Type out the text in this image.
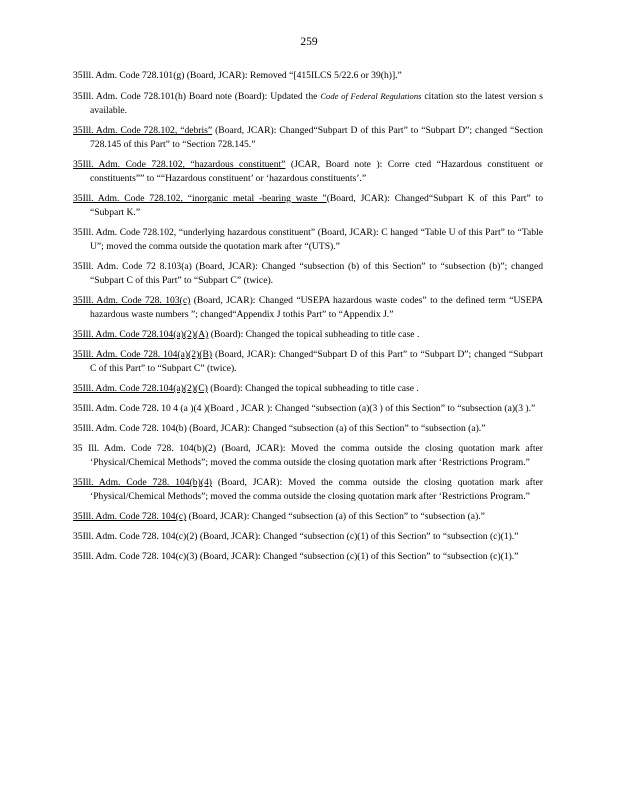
259
35Ill. Adm. Code 728.101(g) (Board, JCAR): Removed “[415ILCS 5/22.6 or 39(h)].”
35Ill. Adm. Code 728.101(h) Board note (Board): Updated the Code of Federal Regulations citation sto the latest version s available.
35Ill. Adm. Code 728.102, “debris” (Board, JCAR): Changed“Subpart D of this Part” to “Subpart D”; changed “Section 728.145 of this Part” to “Section 728.145.”
35Ill. Adm. Code 728.102, “hazardous constituent” (JCAR, Board note ): Corre cted “Hazardous constituent or constituents”” to ““Hazardous constituent’ or ‘hazardous constituents’.”
35Ill. Adm. Code 728.102, “inorganic metal -bearing waste ”(Board, JCAR): Changed“Subpart K of this Part” to “Subpart K.”
35Ill. Adm. Code 728.102, “underlying hazardous constituent” (Board, JCAR): C hanged “Table U of this Part” to “Table U”; moved the comma outside the quotation mark after “(UTS).”
35Ill. Adm. Code 72 8.103(a) (Board, JCAR): Changed “subsection (b) of this Section” to “subsection (b)”; changed “Subpart C of this Part” to “Subpart C” (twice).
35Ill. Adm. Code 728. 103(c) (Board, JCAR): Changed “USEPA hazardous waste codes” to the defined term “USEPA hazardous waste numbers ”; changed“Appendix J tothis Part” to “Appendix J.”
35Ill. Adm. Code 728.104(a)(2)(A) (Board): Changed the topical subheading to title case .
35Ill. Adm. Code 728. 104(a)(2)(B) (Board, JCAR): Changed“Subpart D of this Part” to “Subpart D”; changed “Subpart C of this Part” to “Subpart C” (twice).
35Ill. Adm. Code 728.104(a)(2)(C) (Board): Changed the topical subheading to title case .
35Ill. Adm. Code 728. 10 4 (a )(4 )(Board , JCAR ): Changed “subsection (a)(3 ) of this Section” to “subsection (a)(3 ).”
35Ill. Adm. Code 728. 104(b) (Board, JCAR): Changed “subsection (a) of this Section” to “subsection (a).”
35 Ill. Adm. Code 728. 104(b)(2) (Board, JCAR): Moved the comma outside the closing quotation mark after ‘Physical/Chemical Methods”; moved the comma outside the closing quotation mark after ‘Restrictions Program.”
35Ill. Adm. Code 728. 104(b)(4) (Board, JCAR): Moved the comma outside the closing quotation mark after ‘Physical/Chemical Methods”; moved the comma outside the closing quotation mark after ‘Restrictions Program.”
35Ill. Adm. Code 728. 104(c) (Board, JCAR): Changed “subsection (a) of this Section” to “subsection (a).”
35Ill. Adm. Code 728. 104(c)(2) (Board, JCAR): Changed “subsection (c)(1) of this Section” to “subsection (c)(1).”
35Ill. Adm. Code 728. 104(c)(3) (Board, JCAR): Changed “subsection (c)(1) of this Section” to “subsection (c)(1).”
